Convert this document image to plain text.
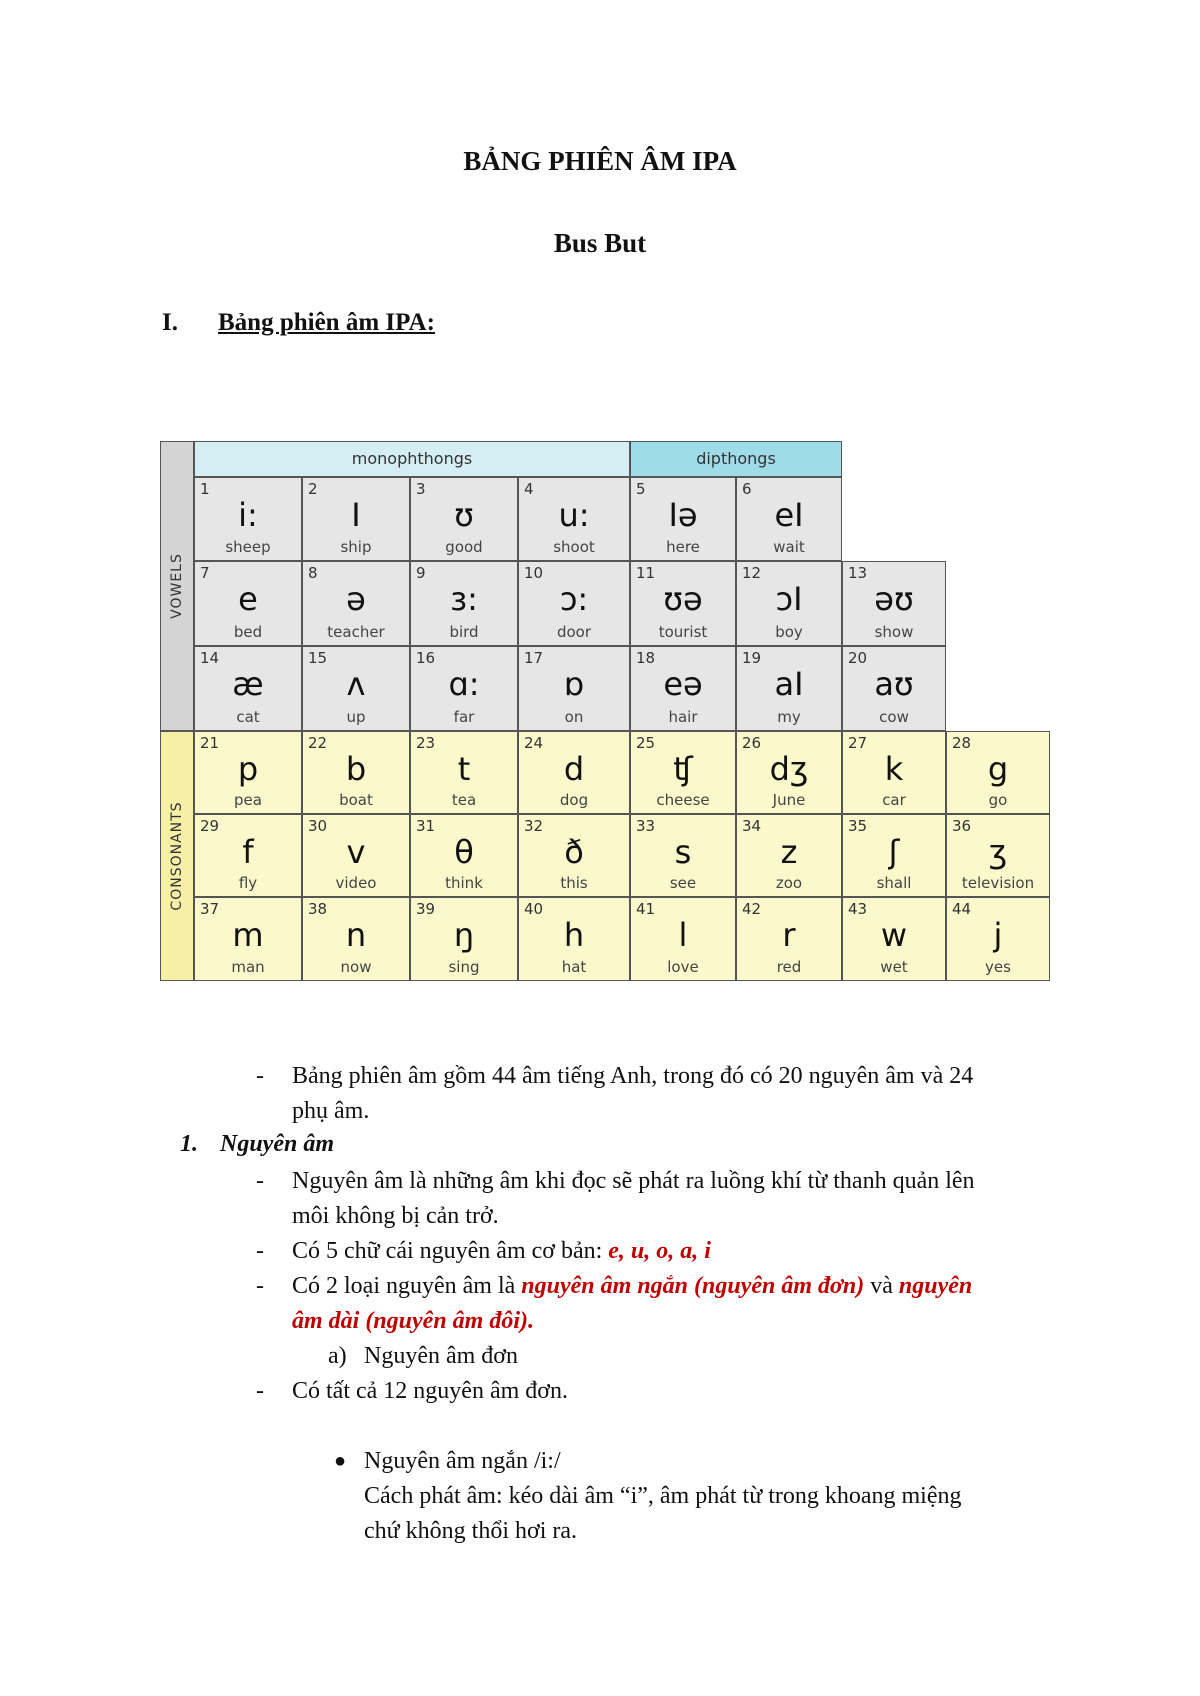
BẢNG PHIÊN ÂM IPA
Bus But
I. Bảng phiên âm IPA:
VOWELS
CONSONANTS
monophthongs	dipthongs
1
i:
sheep
2
I
ship
3
ʊ
good
4
u:
shoot
5
Iə
here
6
eI
wait
7
e
bed
8
ə
teacher
9
ɜ:
bird
10
ɔ:
door
11
ʊə
tourist
12
ɔI
boy
13
əʊ
show
14
æ
cat
15
ʌ
up
16
ɑ:
far
17
ɒ
on
18
eə
hair
19
aI
my
20
aʊ
cow
21
p
pea
22
b
boat
23
t
tea
24
d
dog
25
ʧ
cheese
26
dʒ
June
27
k
car
28
g
go
29
f
fly
30
v
video
31
θ
think
32
ð
this
33
s
see
34
z
zoo
35
ʃ
shall
36
ʒ
television
37
m
man
38
n
now
39
ŋ
sing
40
h
hat
41
l
love
42
r
red
43
w
wet
44
j
yes
- Bảng phiên âm gồm 44 âm tiếng Anh, trong đó có 20 nguyên âm và 24
phụ âm.
1. Nguyên âm
- Nguyên âm là những âm khi đọc sẽ phát ra luồng khí từ thanh quản lên
môi không bị cản trở.
- Có 5 chữ cái nguyên âm cơ bản: e, u, o, a, i
- Có 2 loại nguyên âm là nguyên âm ngắn (nguyên âm đơn) và nguyên
âm dài (nguyên âm đôi).
a) Nguyên âm đơn
- Có tất cả 12 nguyên âm đơn.
● Nguyên âm ngắn /i:/
Cách phát âm: kéo dài âm “i”, âm phát từ trong khoang miệng
chứ không thổi hơi ra.
